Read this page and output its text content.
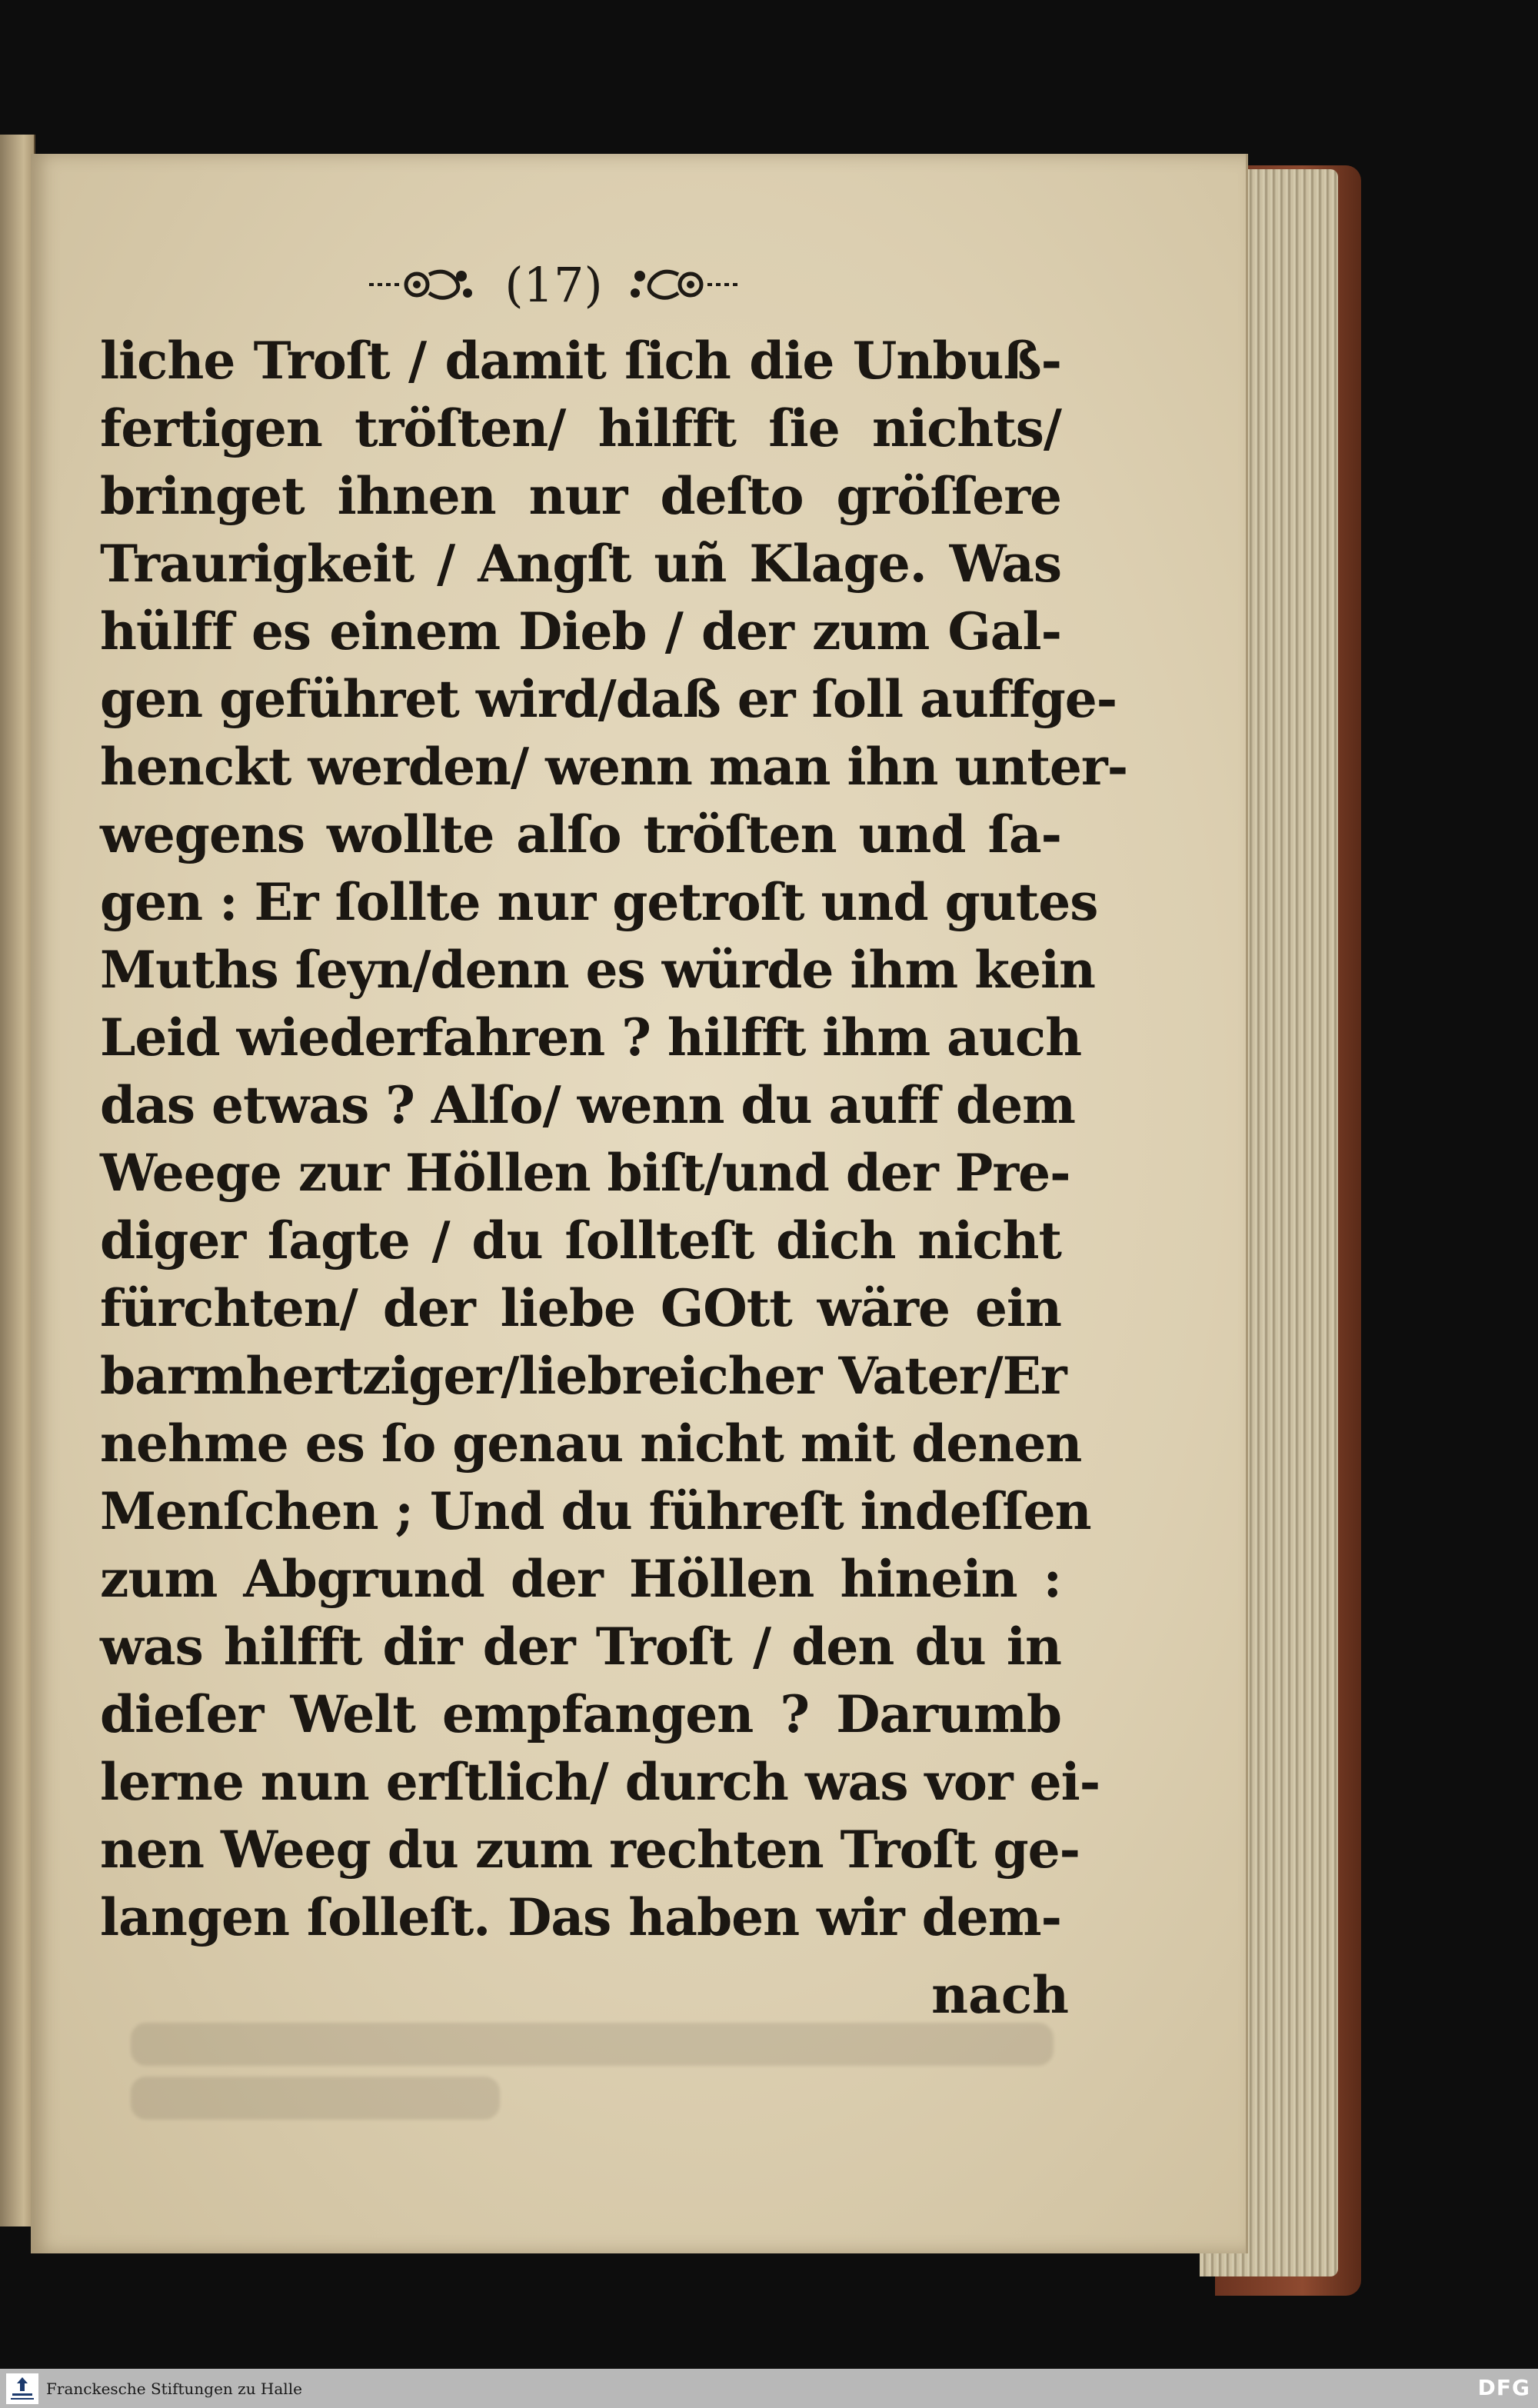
(17)
liche Troſt / damit ſich die Unbuß-
fertigen tröſten/ hilfft ſie nichts/
bringet ihnen nur deſto gröſſere
Traurigkeit / Angſt uñ Klage. Was
hülff es einem Dieb / der zum Gal-
gen geführet wird/daß er ſoll auffge-
henckt werden/ wenn man ihn unter-
wegens wollte alſo tröſten und ſa-
gen : Er ſollte nur getroſt und gutes
Muths ſeyn/denn es würde ihm kein
Leid wiederfahren ? hilfft ihm auch
das etwas ? Alſo/ wenn du auff dem
Weege zur Höllen biſt/und der Pre-
diger ſagte / du ſollteſt dich nicht
fürchten/ der liebe GOtt wäre ein
barmhertziger/liebreicher Vater/Er
nehme es ſo genau nicht mit denen
Menſchen ; Und du führeſt indeſſen
zum Abgrund der Höllen hinein :
was hilfft dir der Troſt / den du in
dieſer Welt empfangen ? Darumb
lerne nun erſtlich/ durch was vor ei-
nen Weeg du zum rechten Troſt ge-
langen ſolleſt. Das haben wir dem-
nach
Franckesche Stiftungen zu Halle	DFG
